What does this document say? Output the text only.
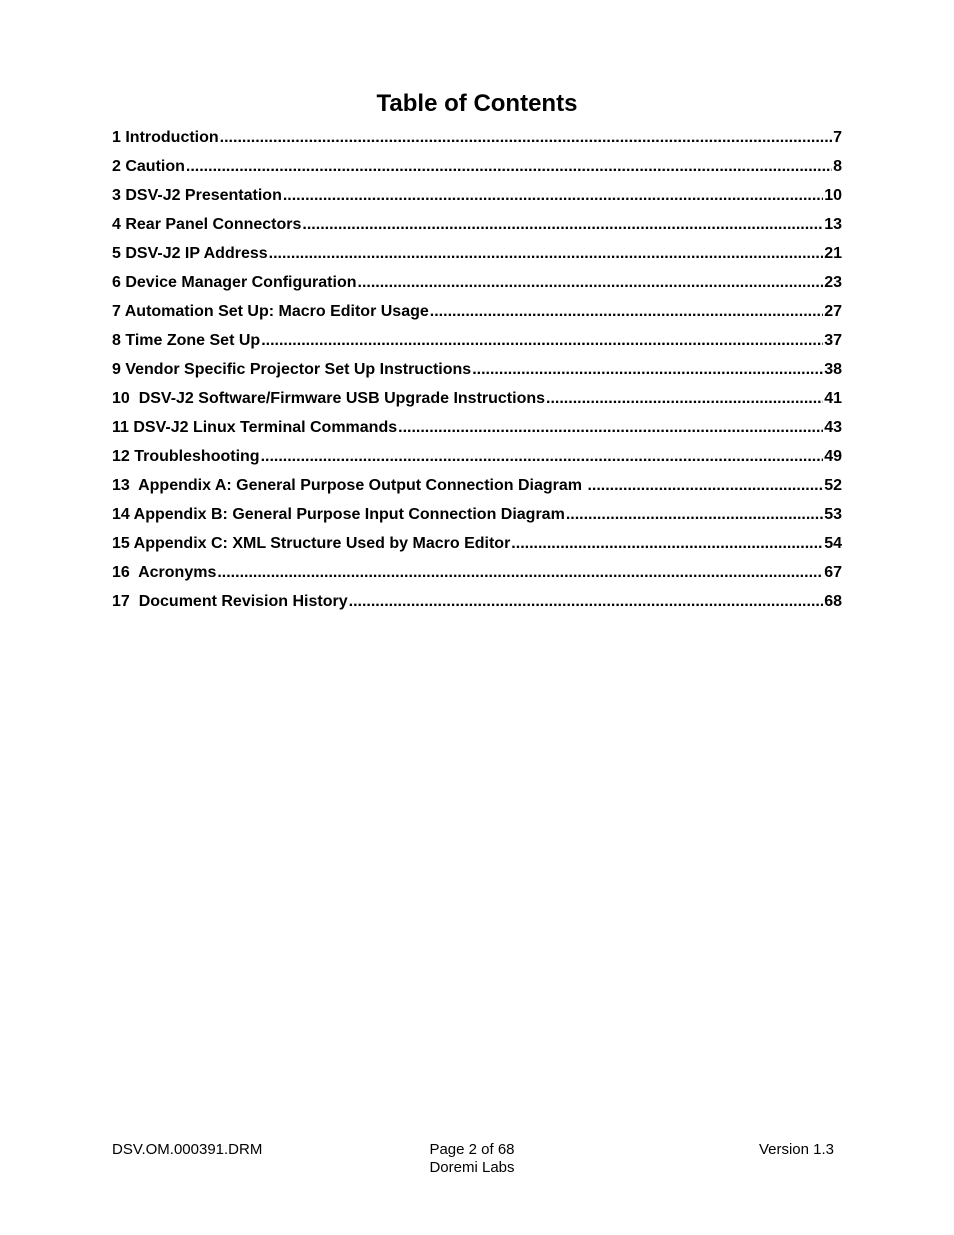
Table of Contents
1 Introduction .....	7
2 Caution .....	8
3 DSV-J2 Presentation .....	10
4 Rear Panel Connectors .....	13
5 DSV-J2 IP Address .....	21
6 Device Manager Configuration .....	23
7 Automation Set Up: Macro Editor Usage .....	27
8 Time Zone Set Up .....	37
9 Vendor Specific Projector Set Up Instructions .....	38
10  DSV-J2 Software/Firmware USB Upgrade Instructions .....	41
11 DSV-J2 Linux Terminal Commands .....	43
12 Troubleshooting .....	49
13  Appendix A: General Purpose Output Connection Diagram .....	52
14 Appendix B: General Purpose Input Connection Diagram .....	53
15 Appendix C: XML Structure Used by Macro Editor .....	54
16  Acronyms .....	67
17  Document Revision History .....	68
DSV.OM.000391.DRM	Page 2 of 68
Doremi Labs
Version 1.3
